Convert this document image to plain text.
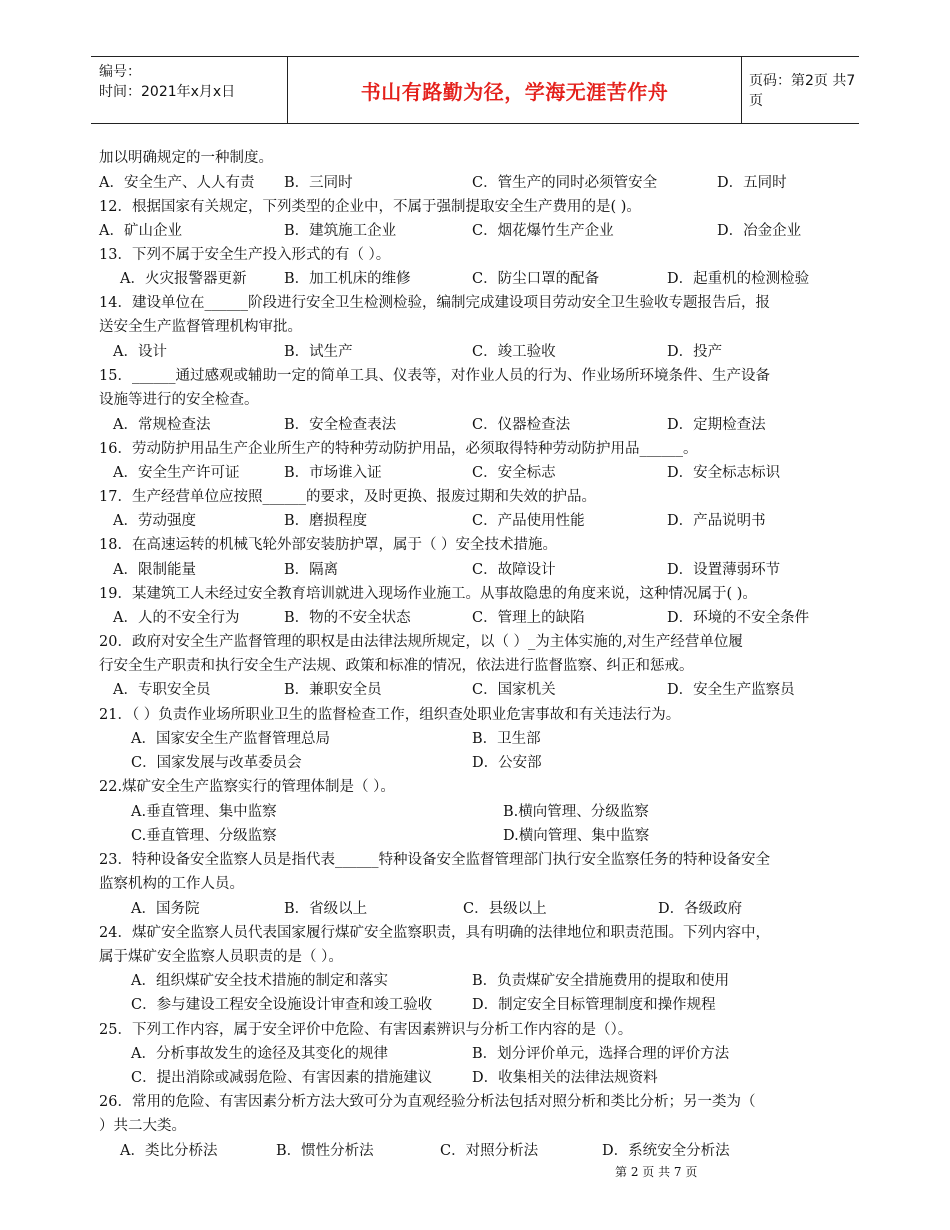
编号：
时间：2021年x月x日	书山有路勤为径，学海无涯苦作舟	页码：第2页 共7页
加以明确规定的一种制度。
A．安全生产、人人有责 B．三同时	C．管生产的同时必须管安全	D．五同时
12．根据国家有关规定，下列类型的企业中，不属于强制提取安全生产费用的是( )。
A．矿山企业	B．建筑施工企业	C．烟花爆竹生产企业	D．冶金企业
13．下列不属于安全生产投入形式的有（ ）。
A．火灾报警器更新	B．加工机床的维修	C．防尘口罩的配备	D．起重机的检测检验
14．建设单位在______阶段进行安全卫生检测检验，编制完成建设项目劳动安全卫生验收专题报告后，报
送安全生产监督管理机构审批。
A．设计	B．试生产	C．竣工验收	D．投产
15．______通过感观或辅助一定的简单工具、仪表等，对作业人员的行为、作业场所环境条件、生产设备
设施等进行的安全检查。
A．常规检查法	B．安全检查表法	C．仪器检查法	D．定期检查法
16．劳动防护用品生产企业所生产的特种劳动防护用品，必须取得特种劳动防护用品______。
A．安全生产许可证	B．市场谁入证	C．安全标志	D．安全标志标识
17．生产经营单位应按照______的要求，及时更换、报废过期和失效的护品。
A．劳动强度	B．磨损程度	C．产品使用性能	D．产品说明书
18．在高速运转的机械飞轮外部安装肪护罩，属于（ ）安全技术措施。
A．限制能量	B．隔离	C．故障设计	D．设置薄弱环节
19．某建筑工人未经过安全教育培训就进入现场作业施工。从事故隐患的角度来说，这种情况属于( )。
A．人的不安全行为	B．物的不安全状态	C．管理上的缺陷	D．环境的不安全条件
20．政府对安全生产监督管理的职权是由法律法规所规定，以（ ）_为主体实施的,对生产经营单位履
行安全生产职责和执行安全生产法规、政策和标准的情况，依法进行监督监察、纠正和惩戒。
A．专职安全员	B．兼职安全员	C．国家机关	D．安全生产监察员
21．（ ）负责作业场所职业卫生的监督检查工作，组织查处职业危害事故和有关违法行为。
A．国家安全生产监督管理总局	B．卫生部
C．国家发展与改革委员会	D．公安部
22.煤矿安全生产监察实行的管理体制是（ ）。
A.垂直管理、集中监察	B.横向管理、分级监察
C.垂直管理、分级监察	D.横向管理、集中监察
23．特种设备安全监察人员是指代表______特种设备安全监督管理部门执行安全监察任务的特种设备安全
监察机构的工作人员。
A．国务院	B．省级以上	C．县级以上	D．各级政府
24．煤矿安全监察人员代表国家履行煤矿安全监察职责，具有明确的法律地位和职责范围。下列内容中，
属于煤矿安全监察人员职责的是（ ）。
A．组织煤矿安全技术措施的制定和落实	B．负责煤矿安全措施费用的提取和使用
C．参与建设工程安全设施设计审查和竣工验收	D．制定安全目标管理制度和操作规程
25．下列工作内容，属于安全评价中危险、有害因素辨识与分析工作内容的是（）。
A．分析事故发生的途径及其变化的规律	B．划分评价单元，选择合理的评价方法
C．提出消除或减弱危险、有害因素的措施建议	D．收集相关的法律法规资料
26．常用的危险、有害因素分析方法大致可分为直观经验分析法包括对照分析和类比分析；另一类为（
）共二大类。
A．类比分桥法	B．惯性分析法	C．对照分析法	D．系统安全分析法
第 2 页 共 7 页
